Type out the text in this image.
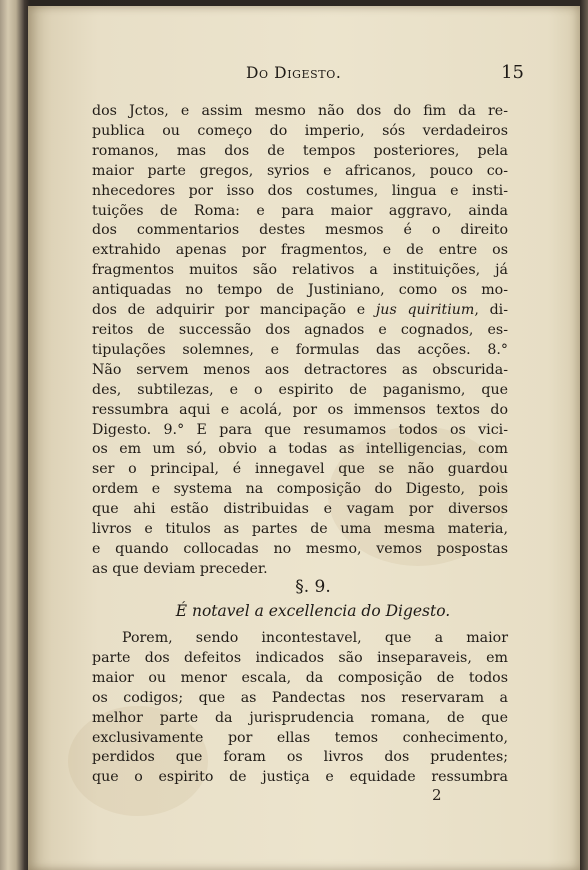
Do Digesto.	15
dos Jctos, e assim mesmo não dos do fim da re-
publica ou começo do imperio, sós verdadeiros
romanos, mas dos de tempos posteriores, pela
maior parte gregos, syrios e africanos, pouco co-
nhecedores por isso dos costumes, lingua e insti-
tuições de Roma: e para maior aggravo, ainda
dos commentarios destes mesmos é o direito
extrahido apenas por fragmentos, e de entre os
fragmentos muitos são relativos a instituições, já
antiquadas no tempo de Justiniano, como os mo-
dos de adquirir por mancipação e jus quiritium, di-
reitos de successão dos agnados e cognados, es-
tipulações solemnes, e formulas das acções. 8.°
Não servem menos aos detractores as obscurida-
des, subtilezas, e o espirito de paganismo, que
ressumbra aqui e acolá, por os immensos textos do
Digesto. 9.° E para que resumamos todos os vici-
os em um só, obvio a todas as intelligencias, com
ser o principal, é innegavel que se não guardou
ordem e systema na composição do Digesto, pois
que ahi estão distribuidas e vagam por diversos
livros e titulos as partes de uma mesma materia,
e quando collocadas no mesmo, vemos pospostas
as que deviam preceder.
§. 9.
É notavel a excellencia do Digesto.
Porem, sendo incontestavel, que a maior
parte dos defeitos indicados são inseparaveis, em
maior ou menor escala, da composição de todos
os codigos; que as Pandectas nos reservaram a
melhor parte da jurisprudencia romana, de que
exclusivamente por ellas temos conhecimento,
perdidos que foram os livros dos prudentes;
que o espirito de justiça e equidade ressumbra
2
